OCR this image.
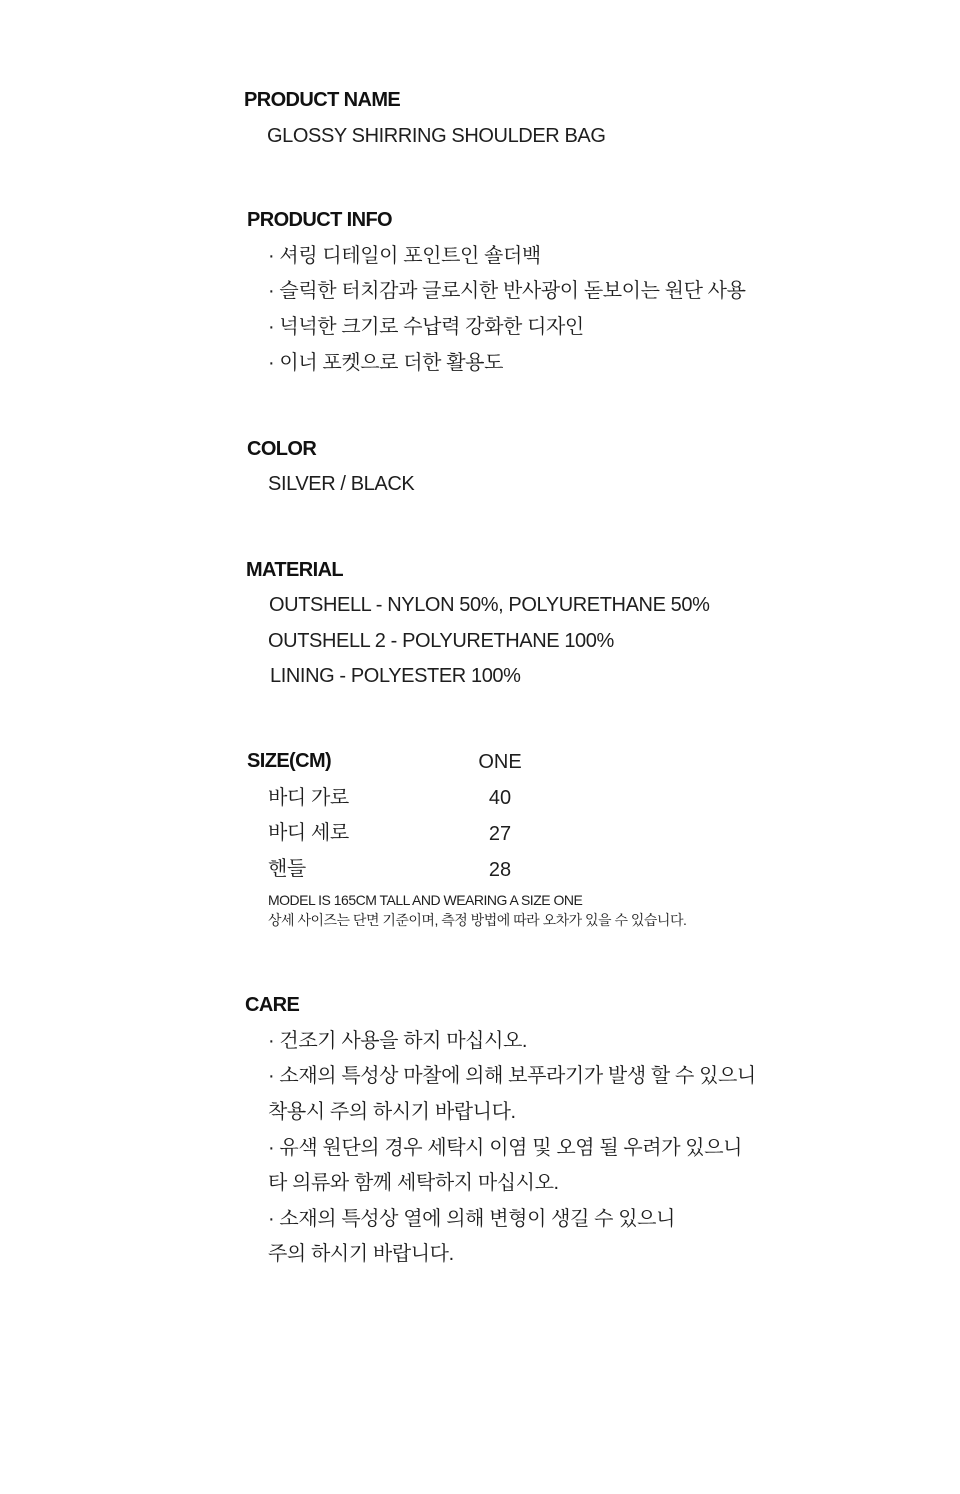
PRODUCT NAME
GLOSSY SHIRRING SHOULDER BAG
PRODUCT INFO
· 셔링 디테일이 포인트인 숄더백
· 슬릭한 터치감과 글로시한 반사광이 돋보이는 원단 사용
· 넉넉한 크기로 수납력 강화한 디자인
· 이너 포켓으로 더한 활용도
COLOR
SILVER / BLACK
MATERIAL
OUTSHELL - NYLON 50%, POLYURETHANE 50%
OUTSHELL 2 - POLYURETHANE 100%
LINING - POLYESTER 100%
SIZE(CM)	ONE
바디 가로	40
바디 세로	27
핸들	28
MODEL IS 165CM TALL AND WEARING A SIZE ONE
상세 사이즈는 단면 기준이며, 측정 방법에 따라 오차가 있을 수 있습니다.
CARE
· 건조기 사용을 하지 마십시오.
· 소재의 특성상 마찰에 의해 보푸라기가 발생 할 수 있으니
착용시 주의 하시기 바랍니다.
· 유색 원단의 경우 세탁시 이염 및 오염 될 우려가 있으니
타 의류와 함께 세탁하지 마십시오.
· 소재의 특성상 열에 의해 변형이 생길 수 있으니
주의 하시기 바랍니다.
